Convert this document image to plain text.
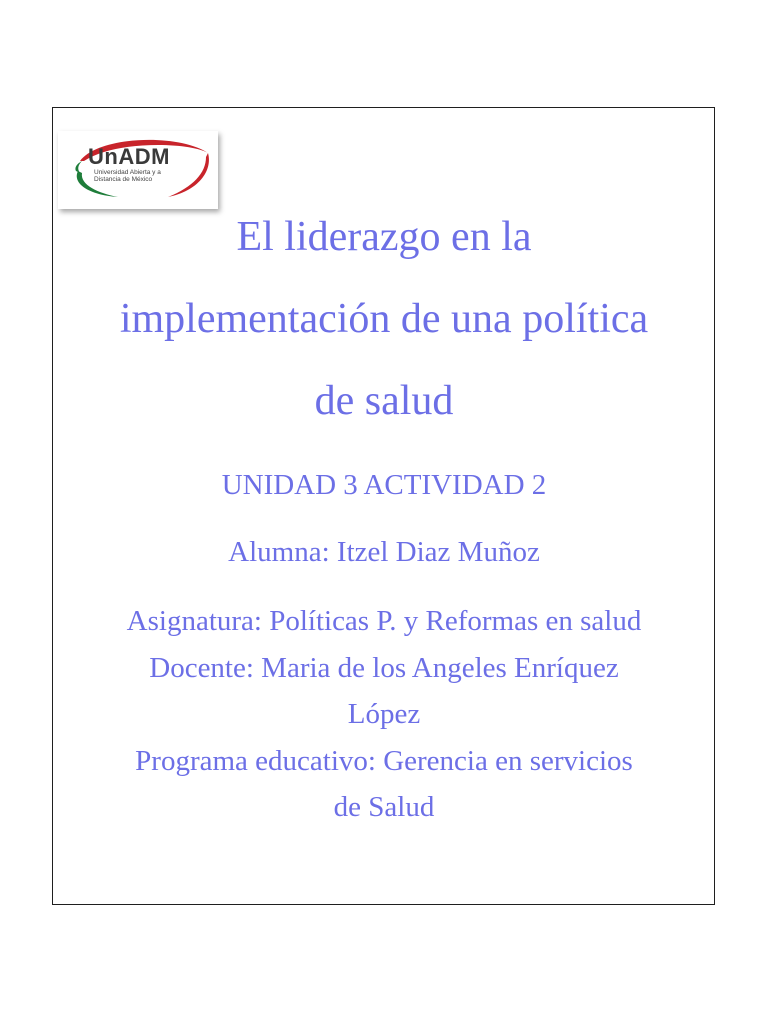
UnADM
Universidad Abierta y a Distancia de México
El liderazgo en la
implementación de una política
de salud

UNIDAD 3 ACTIVIDAD 2

Alumna: Itzel Diaz Muñoz

Asignatura: Políticas P. y Reformas en salud
Docente: Maria de los Angeles Enríquez
López
Programa educativo: Gerencia en servicios
de Salud
